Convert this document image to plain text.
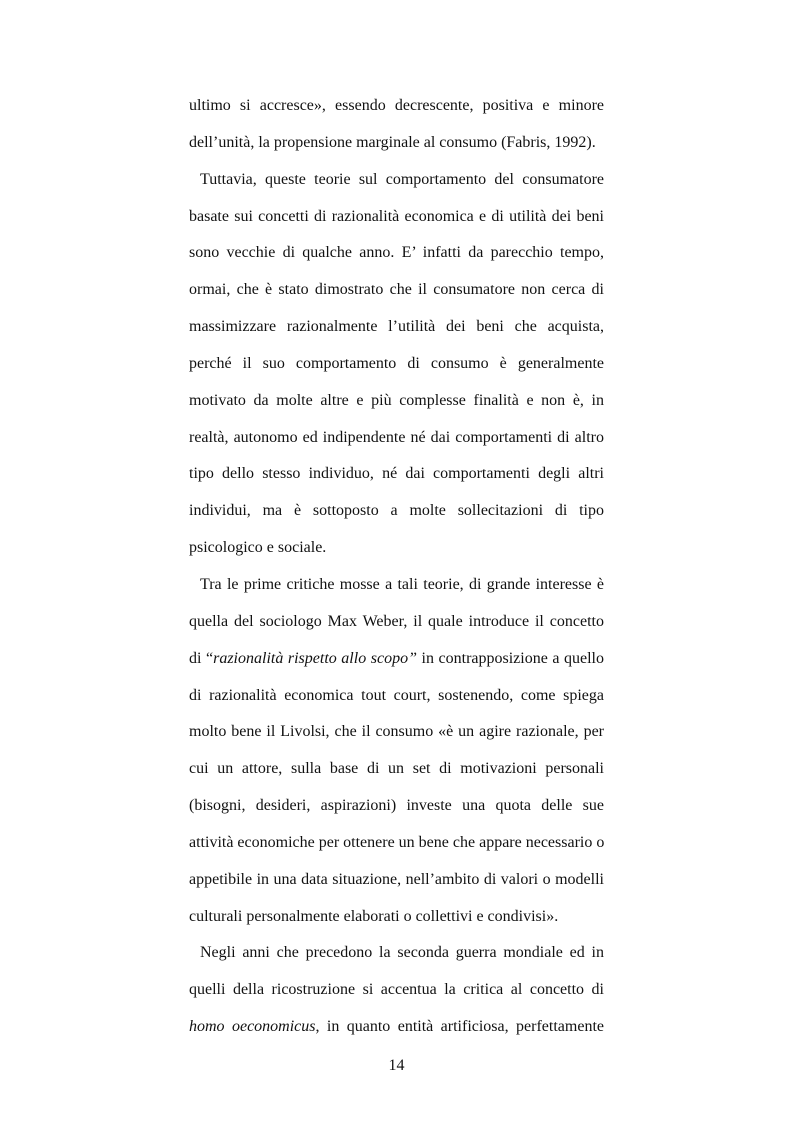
ultimo si accresce», essendo decrescente, positiva e minore
dell’unità, la propensione marginale al consumo (Fabris, 1992).
Tuttavia, queste teorie sul comportamento del consumatore
basate sui concetti di razionalità economica e di utilità dei beni
sono vecchie di qualche anno. E’ infatti da parecchio tempo,
ormai, che è stato dimostrato che il consumatore non cerca di
massimizzare razionalmente l’utilità dei beni che acquista,
perché il suo comportamento di consumo è generalmente
motivato da molte altre e più complesse finalità e non è, in
realtà, autonomo ed indipendente né dai comportamenti di altro
tipo dello stesso individuo, né dai comportamenti degli altri
individui, ma è sottoposto a molte sollecitazioni di tipo
psicologico e sociale.
Tra le prime critiche mosse a tali teorie, di grande interesse è
quella del sociologo Max Weber, il quale introduce il concetto
di “razionalità rispetto allo scopo” in contrapposizione a quello
di razionalità economica tout court, sostenendo, come spiega
molto bene il Livolsi, che il consumo «è un agire razionale, per
cui un attore, sulla base di un set di motivazioni personali
(bisogni, desideri, aspirazioni) investe una quota delle sue
attività economiche per ottenere un bene che appare necessario o
appetibile in una data situazione, nell’ambito di valori o modelli
culturali personalmente elaborati o collettivi e condivisi».
Negli anni che precedono la seconda guerra mondiale ed in
quelli della ricostruzione si accentua la critica al concetto di
homo oeconomicus, in quanto entità artificiosa, perfettamente
14
